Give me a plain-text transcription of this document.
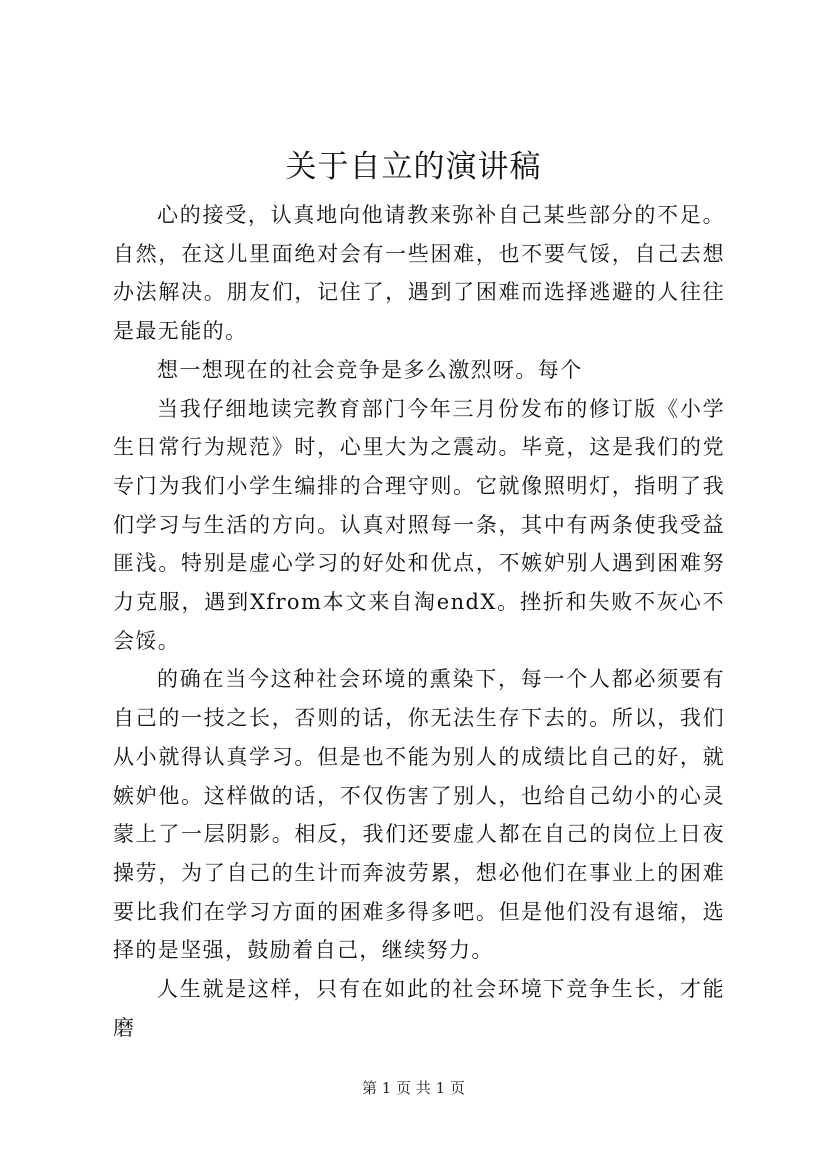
关于自立的演讲稿

心的接受，认真地向他请教来弥补自己某些部分的不足。自然，在这儿里面绝对会有一些困难，也不要气馁，自己去想办法解决。朋友们，记住了，遇到了困难而选择逃避的人往往是最无能的。

想一想现在的社会竞争是多么激烈呀。每个

当我仔细地读完教育部门今年三月份发布的修订版《小学生日常行为规范》时，心里大为之震动。毕竟，这是我们的党专门为我们小学生编排的合理守则。它就像照明灯，指明了我们学习与生活的方向。认真对照每一条，其中有两条使我受益匪浅。特别是虚心学习的好处和优点，不嫉妒别人遇到困难努力克服，遇到Xfrom本文来自淘endX。挫折和失败不灰心不会馁。

的确在当今这种社会环境的熏染下，每一个人都必须要有自己的一技之长，否则的话，你无法生存下去的。所以，我们从小就得认真学习。但是也不能为别人的成绩比自己的好，就嫉妒他。这样做的话，不仅伤害了别人，也给自己幼小的心灵蒙上了一层阴影。相反，我们还要虚人都在自己的岗位上日夜操劳，为了自己的生计而奔波劳累，想必他们在事业上的困难要比我们在学习方面的困难多得多吧。但是他们没有退缩，选择的是坚强，鼓励着自己，继续努力。

人生就是这样，只有在如此的社会环境下竞争生长，才能磨

第 1 页 共 1 页
